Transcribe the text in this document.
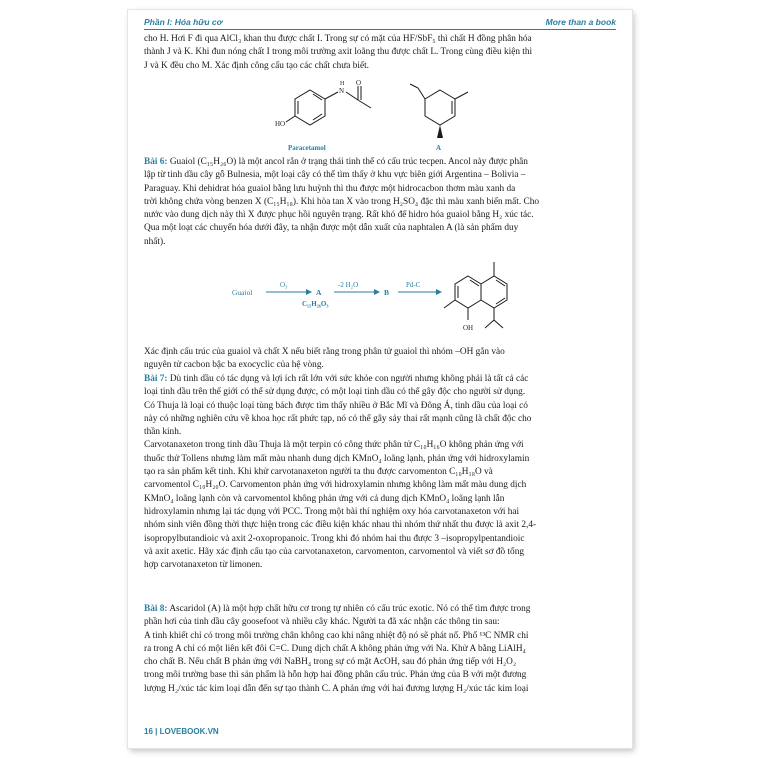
Phần I: Hóa hữu cơ	More than a book

cho H. Hơi F đi qua AlCl₃ khan thu được chất I. Trong sự có mặt của HF/SbF₅ thì chất H đồng phân hóa

thành J và K. Khi đun nóng chất I trong môi trường axit loãng thu được chất L. Trong cùng điều kiện thì

J và K đều cho M. Xác định công cấu tạo các chất chưa biết.

HO
N
H O
Paracetamol	A

Bài 6: Guaiol (C₁₅H₂₆O) là một ancol rắn ở trạng thái tinh thể có cấu trúc tecpen. Ancol này được phân

lập từ tinh dầu cây gỗ Bulnesia, một loại cây có thể tìm thấy ở khu vực biên giới Argentina – Bolivia –

Paraguay. Khi dehidrat hóa guaiol bằng lưu huỳnh thì thu được một hidrocacbon thơm màu xanh da

trời không chứa vòng benzen X (C₁₅H₁₈). Khi hòa tan X vào trong H₂SO₄ đặc thì màu xanh biến mất. Cho

nước vào dung dịch này thì X được phục hồi nguyên trạng. Rất khó để hidro hóa guaiol bằng H₂ xúc tác.

Qua một loạt các chuyển hóa dưới đây, ta nhận được một dẫn xuất của naphtalen A (là sản phẩm duy

nhất).

Guaiol
O₃
A
C₁₅H₂₆O₃
-2 H₂O
B
Pd-C
OH

Xác định cấu trúc của guaiol và chất X nếu biết rằng trong phân tử guaiol thì nhóm –OH gắn vào

nguyên tử cacbon bậc ba exocyclic của hệ vòng.

Bài 7: Dù tinh dầu có tác dụng và lợi ích rất lớn với sức khỏe con người nhưng không phải là tất cả các

loại tinh dầu trên thế giới có thể sử dụng được, có một loại tinh dầu có thể gây độc cho người sử dụng.

Có Thuja là loại có thuộc loại tùng bách được tìm thấy nhiều ở Bắc Mĩ và Đông Á, tinh dầu của loại có

này có những nghiên cứu về khoa học rất phức tạp, nó có thể gây sảy thai rất mạnh cũng là chất độc cho

thần kinh.

Carvotanaxeton trong tinh dầu Thuja là một terpin có công thức phân tử C₁₀H₁₆O không phản ứng với

thuốc thử Tollens nhưng làm mất màu nhanh dung dịch KMnO₄ loãng lạnh, phản ứng với hidroxylamin

tạo ra sản phẩm kết tinh. Khi khử carvotanaxeton người ta thu được carvomenton C₁₀H₁₈O và

carvomentol C₁₀H₂₀O. Carvomenton phản ứng với hidroxylamin nhưng không làm mất màu dung dịch

KMnO₄ loãng lạnh còn và carvomentol không phản ứng với cả dung dịch KMnO₄ loãng lạnh lẫn

hidroxylamin nhưng lại tác dụng với PCC. Trong một bài thí nghiệm oxy hóa carvotanaxeton với hai

nhóm sinh viên đồng thời thực hiện trong các điều kiện khác nhau thì nhóm thứ nhất thu được là axit 2,4-

isopropylbutandioic và axit 2-oxopropanoic. Trong khi đó nhóm hai thu được 3 –isopropylpentandioic

và axit axetic. Hãy xác định cấu tạo của carvotanaxeton, carvomenton, carvomentol và viết sơ đồ tổng

hợp carvotanaxeton từ limonen.

Bài 8: Ascaridol (A) là một hợp chất hữu cơ trong tự nhiên có cấu trúc exotic. Nó có thể tìm được trong

phần hơi của tinh dầu cây goosefoot và nhiều cây khác. Người ta đã xác nhận các thông tin sau:

A tinh khiết chỉ có trong môi trường chân không cao khi nâng nhiệt độ nó sẽ phát nổ. Phổ ¹³C NMR chỉ

ra trong A chỉ có một liên kết đôi C=C. Dung dịch chất A không phản ứng với Na. Khử A bằng LiAlH₄

cho chất B. Nếu chất B phản ứng với NaBH₄ trong sự có mặt AcOH, sau đó phản ứng tiếp với H₂O₂

trong môi trường base thì sản phẩm là hỗn hợp hai đồng phân cấu trúc. Phản ứng của B với một đương

lượng H₂/xúc tác kim loại dẫn đến sự tạo thành C. A phản ứng với hai đương lượng H₂/xúc tác kim loại

16 | LOVEBOOK.VN
